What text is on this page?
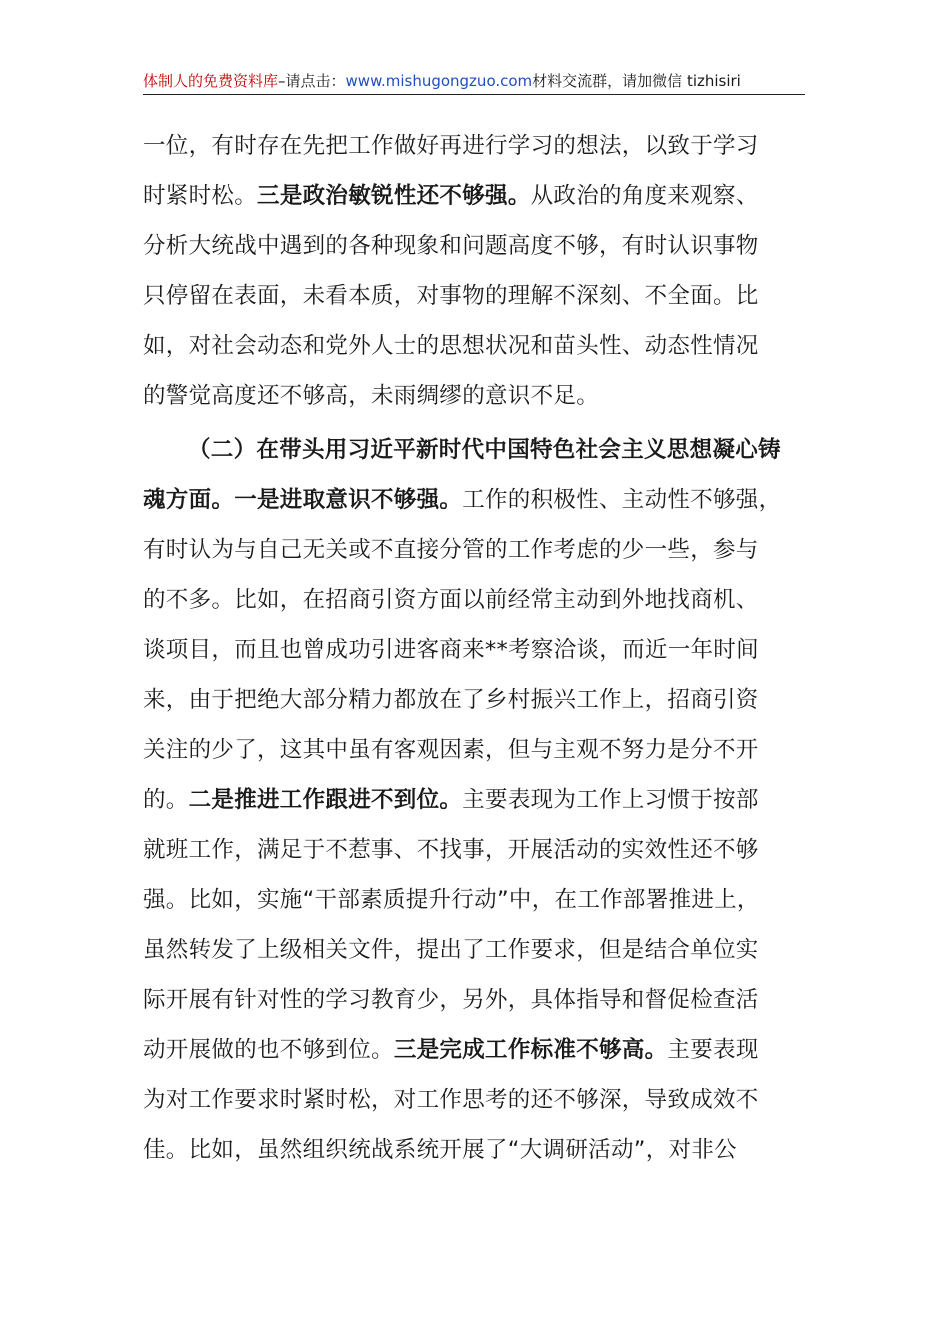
体制人的免费资料库–请点击：www.mishugongzuo.com材料交流群，请加微信 tizhisiri
一位，有时存在先把工作做好再进行学习的想法，以致于学习
时紧时松。三是政治敏锐性还不够强。从政治的角度来观察、
分析大统战中遇到的各种现象和问题高度不够，有时认识事物
只停留在表面，未看本质，对事物的理解不深刻、不全面。比
如，对社会动态和党外人士的思想状况和苗头性、动态性情况
的警觉高度还不够高，未雨绸缪的意识不足。
（二）在带头用习近平新时代中国特色社会主义思想凝心铸
魂方面。一是进取意识不够强。工作的积极性、主动性不够强，
有时认为与自己无关或不直接分管的工作考虑的少一些，参与
的不多。比如，在招商引资方面以前经常主动到外地找商机、
谈项目，而且也曾成功引进客商来**考察洽谈，而近一年时间
来，由于把绝大部分精力都放在了乡村振兴工作上，招商引资
关注的少了，这其中虽有客观因素，但与主观不努力是分不开
的。二是推进工作跟进不到位。主要表现为工作上习惯于按部
就班工作，满足于不惹事、不找事，开展活动的实效性还不够
强。比如，实施“干部素质提升行动”中，在工作部署推进上，
虽然转发了上级相关文件，提出了工作要求，但是结合单位实
际开展有针对性的学习教育少，另外，具体指导和督促检查活
动开展做的也不够到位。三是完成工作标准不够高。主要表现
为对工作要求时紧时松，对工作思考的还不够深，导致成效不
佳。比如，虽然组织统战系统开展了“大调研活动”，对非公
